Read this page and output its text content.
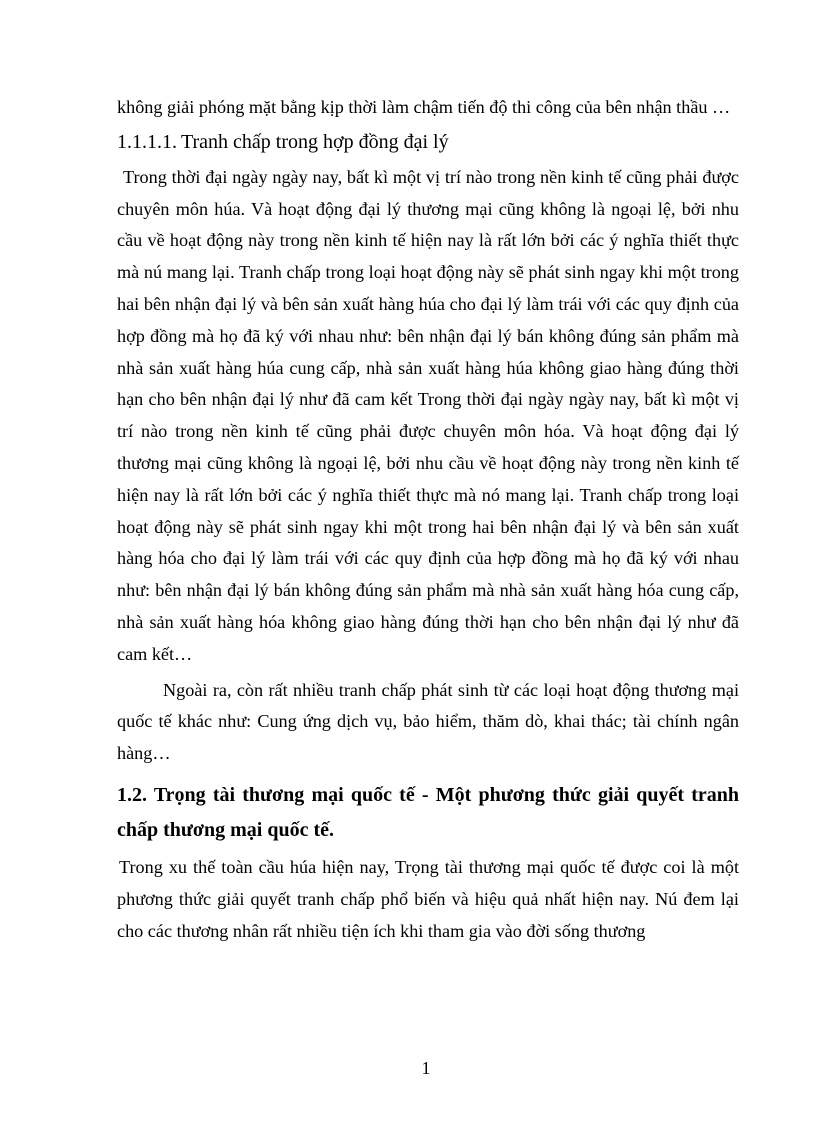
không giải phóng mặt bằng kịp thời làm chậm tiến độ thi công của bên nhận thầu …

1.1.1.1. Tranh chấp trong hợp đồng đại lý

Trong thời đại ngày ngày nay, bất kì một vị trí nào trong nền kinh tế cũng phải được chuyên môn húa. Và hoạt động đại lý thương mại cũng không là ngoại lệ, bởi nhu cầu về hoạt động này trong nền kinh tế hiện nay là rất lớn bởi các ý nghĩa thiết thực mà nú mang lại. Tranh chấp trong loại hoạt động này sẽ phát sinh ngay khi một trong hai bên nhận đại lý và bên sản xuất hàng húa cho đại lý làm trái với các quy định của hợp đồng mà họ đã ký với nhau như: bên nhận đại lý bán không đúng sản phẩm mà nhà sản xuất hàng húa cung cấp, nhà sản xuất hàng húa không giao hàng đúng thời hạn cho bên nhận đại lý như đã cam kết Trong thời đại ngày ngày nay, bất kì một vị trí nào trong nền kinh tế cũng phải được chuyên môn hóa. Và hoạt động đại lý thương mại cũng không là ngoại lệ, bởi nhu cầu về hoạt động này trong nền kinh tế hiện nay là rất lớn bởi các ý nghĩa thiết thực mà nó mang lại. Tranh chấp trong loại hoạt động này sẽ phát sinh ngay khi một trong hai bên nhận đại lý và bên sản xuất hàng hóa cho đại lý làm trái với các quy định của hợp đồng mà họ đã ký với nhau như: bên nhận đại lý bán không đúng sản phẩm mà nhà sản xuất hàng hóa cung cấp, nhà sản xuất hàng hóa không giao hàng đúng thời hạn cho bên nhận đại lý như đã cam kết…

Ngoài ra, còn rất nhiều tranh chấp phát sinh từ các loại hoạt động thương mại quốc tế khác như: Cung ứng dịch vụ, bảo hiểm, thăm dò, khai thác; tài chính ngân hàng…

1.2. Trọng tài thương mại quốc tế - Một phương thức giải quyết tranh chấp thương mại quốc tế.

Trong xu thế toàn cầu húa hiện nay, Trọng tài thương mại quốc tế được coi là một phương thức giải quyết tranh chấp phổ biến và hiệu quả nhất hiện nay. Nú đem lại cho các thương nhân rất nhiều tiện ích khi tham gia vào đời sống thương

1
